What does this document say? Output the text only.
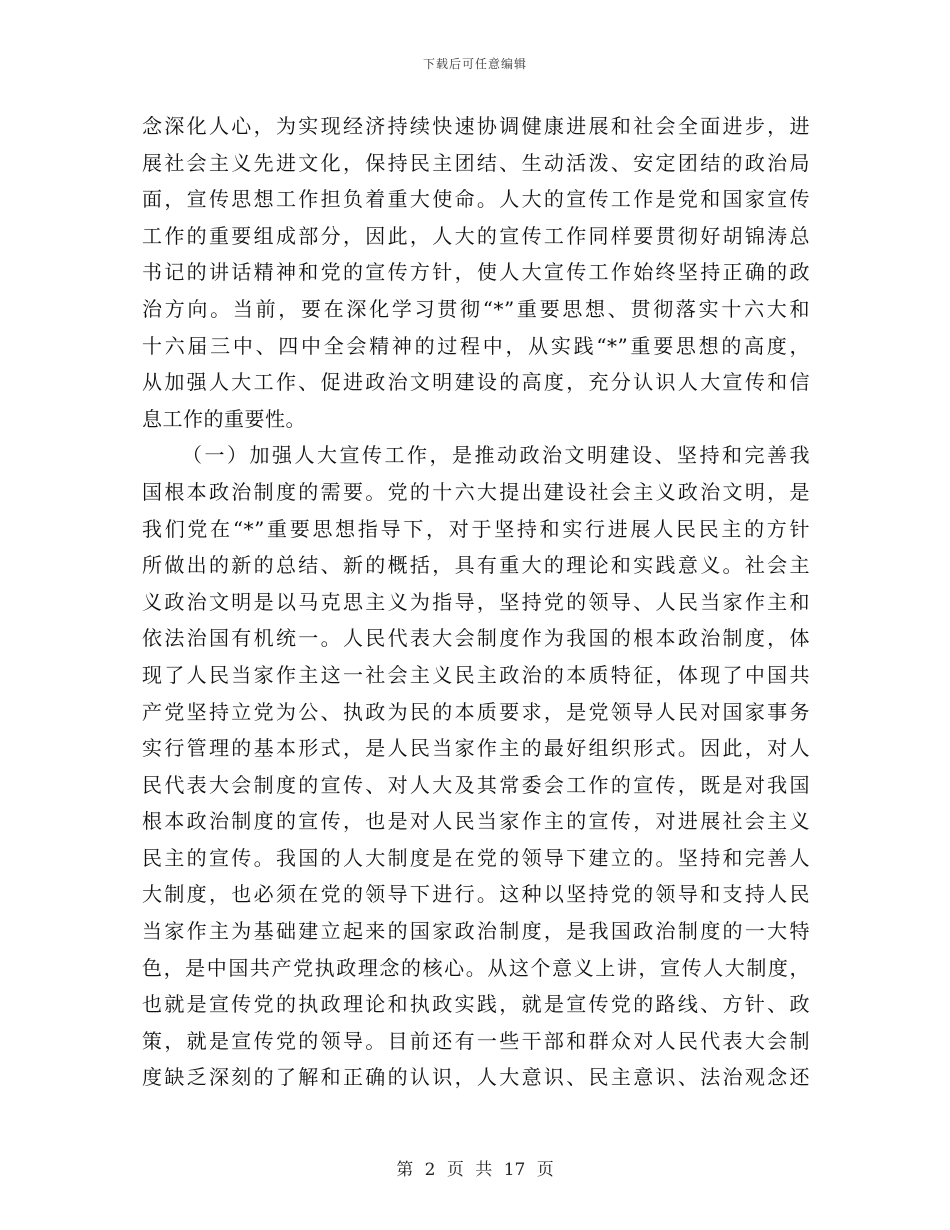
下载后可任意编辑
念深化人心，为实现经济持续快速协调健康进展和社会全面进步，进
展社会主义先进文化，保持民主团结、生动活泼、安定团结的政治局
面，宣传思想工作担负着重大使命。人大的宣传工作是党和国家宣传
工作的重要组成部分，因此，人大的宣传工作同样要贯彻好胡锦涛总
书记的讲话精神和党的宣传方针，使人大宣传工作始终坚持正确的政
治方向。当前，要在深化学习贯彻“*”重要思想、贯彻落实十六大和
十六届三中、四中全会精神的过程中，从实践“*”重要思想的高度，
从加强人大工作、促进政治文明建设的高度，充分认识人大宣传和信
息工作的重要性。
（一）加强人大宣传工作，是推动政治文明建设、坚持和完善我
国根本政治制度的需要。党的十六大提出建设社会主义政治文明，是
我们党在“*”重要思想指导下，对于坚持和实行进展人民民主的方针
所做出的新的总结、新的概括，具有重大的理论和实践意义。社会主
义政治文明是以马克思主义为指导，坚持党的领导、人民当家作主和
依法治国有机统一。人民代表大会制度作为我国的根本政治制度，体
现了人民当家作主这一社会主义民主政治的本质特征，体现了中国共
产党坚持立党为公、执政为民的本质要求，是党领导人民对国家事务
实行管理的基本形式，是人民当家作主的最好组织形式。因此，对人
民代表大会制度的宣传、对人大及其常委会工作的宣传，既是对我国
根本政治制度的宣传，也是对人民当家作主的宣传，对进展社会主义
民主的宣传。我国的人大制度是在党的领导下建立的。坚持和完善人
大制度，也必须在党的领导下进行。这种以坚持党的领导和支持人民
当家作主为基础建立起来的国家政治制度，是我国政治制度的一大特
色，是中国共产党执政理念的核心。从这个意义上讲，宣传人大制度，
也就是宣传党的执政理论和执政实践，就是宣传党的路线、方针、政
策，就是宣传党的领导。目前还有一些干部和群众对人民代表大会制
度缺乏深刻的了解和正确的认识，人大意识、民主意识、法治观念还
第 2 页 共 17 页
